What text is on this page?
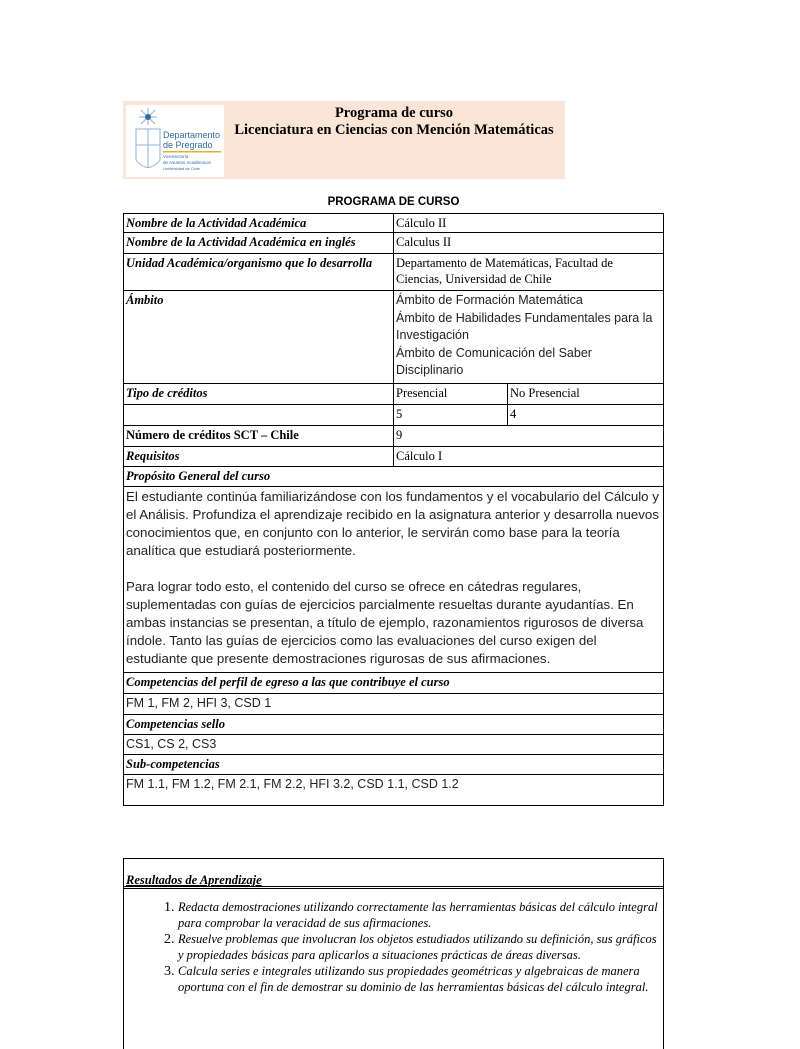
Departamento
de Pregrado
Vicerrectoría
de Asuntos Académicos
Universidad de Chile
Programa de curso
Licenciatura en Ciencias con Mención Matemáticas
PROGRAMA DE CURSO
Nombre de la Actividad Académica	Cálculo II	
Nombre de la Actividad Académica en inglés	Calculus II	
Unidad Académica/organismo que lo desarrolla	Departamento de Matemáticas, Facultad de Ciencias, Universidad de Chile	
Ámbito	Ámbito de Formación Matemática
Ámbito de Habilidades Fundamentales para la Investigación
Ámbito de Comunicación del Saber Disciplinario	

Tipo de créditos	Presencial	No Presencial
	5	4
Número de créditos SCT – Chile	9	
Requisitos	Cálculo I	
Propósito General del curso		

El estudiante continúa familiarizándose con los fundamentos y el vocabulario del Cálculo y el Análisis. Profundiza el aprendizaje recibido en la asignatura anterior y desarrolla nuevos conocimientos que, en conjunto con lo anterior, le servirán como base para la teoría analítica que estudiará posteriormente.
Para lograr todo esto, el contenido del curso se ofrece en cátedras regulares, suplementadas con guías de ejercicios parcialmente resueltas durante ayudantías. En ambas instancias se presentan, a título de ejemplo, razonamientos rigurosos de diversa índole. Tanto las guías de ejercicios como las evaluaciones del curso exigen del estudiante que presente demostraciones rigurosas de sus afirmaciones.		

Competencias del perfil de egreso a las que contribuye el curso		
FM 1, FM 2, HFI 3, CSD 1		
Competencias sello		
CS1, CS 2, CS3		
Sub-competencias		
FM 1.1, FM 1.2, FM 2.1, FM 2.2, HFI 3.2, CSD 1.1, CSD 1.2		
Resultados de Aprendizaje
1. Redacta demostraciones utilizando correctamente las herramientas básicas del cálculo integral para comprobar la veracidad de sus afirmaciones.
2. Resuelve problemas que involucran los objetos estudiados utilizando su definición, sus gráficos y propiedades básicas para aplicarlos a situaciones prácticas de áreas diversas.
3. Calcula series e integrales utilizando sus propiedades geométricas y algebraicas de manera oportuna con el fin de demostrar su dominio de las herramientas básicas del cálculo integral.
